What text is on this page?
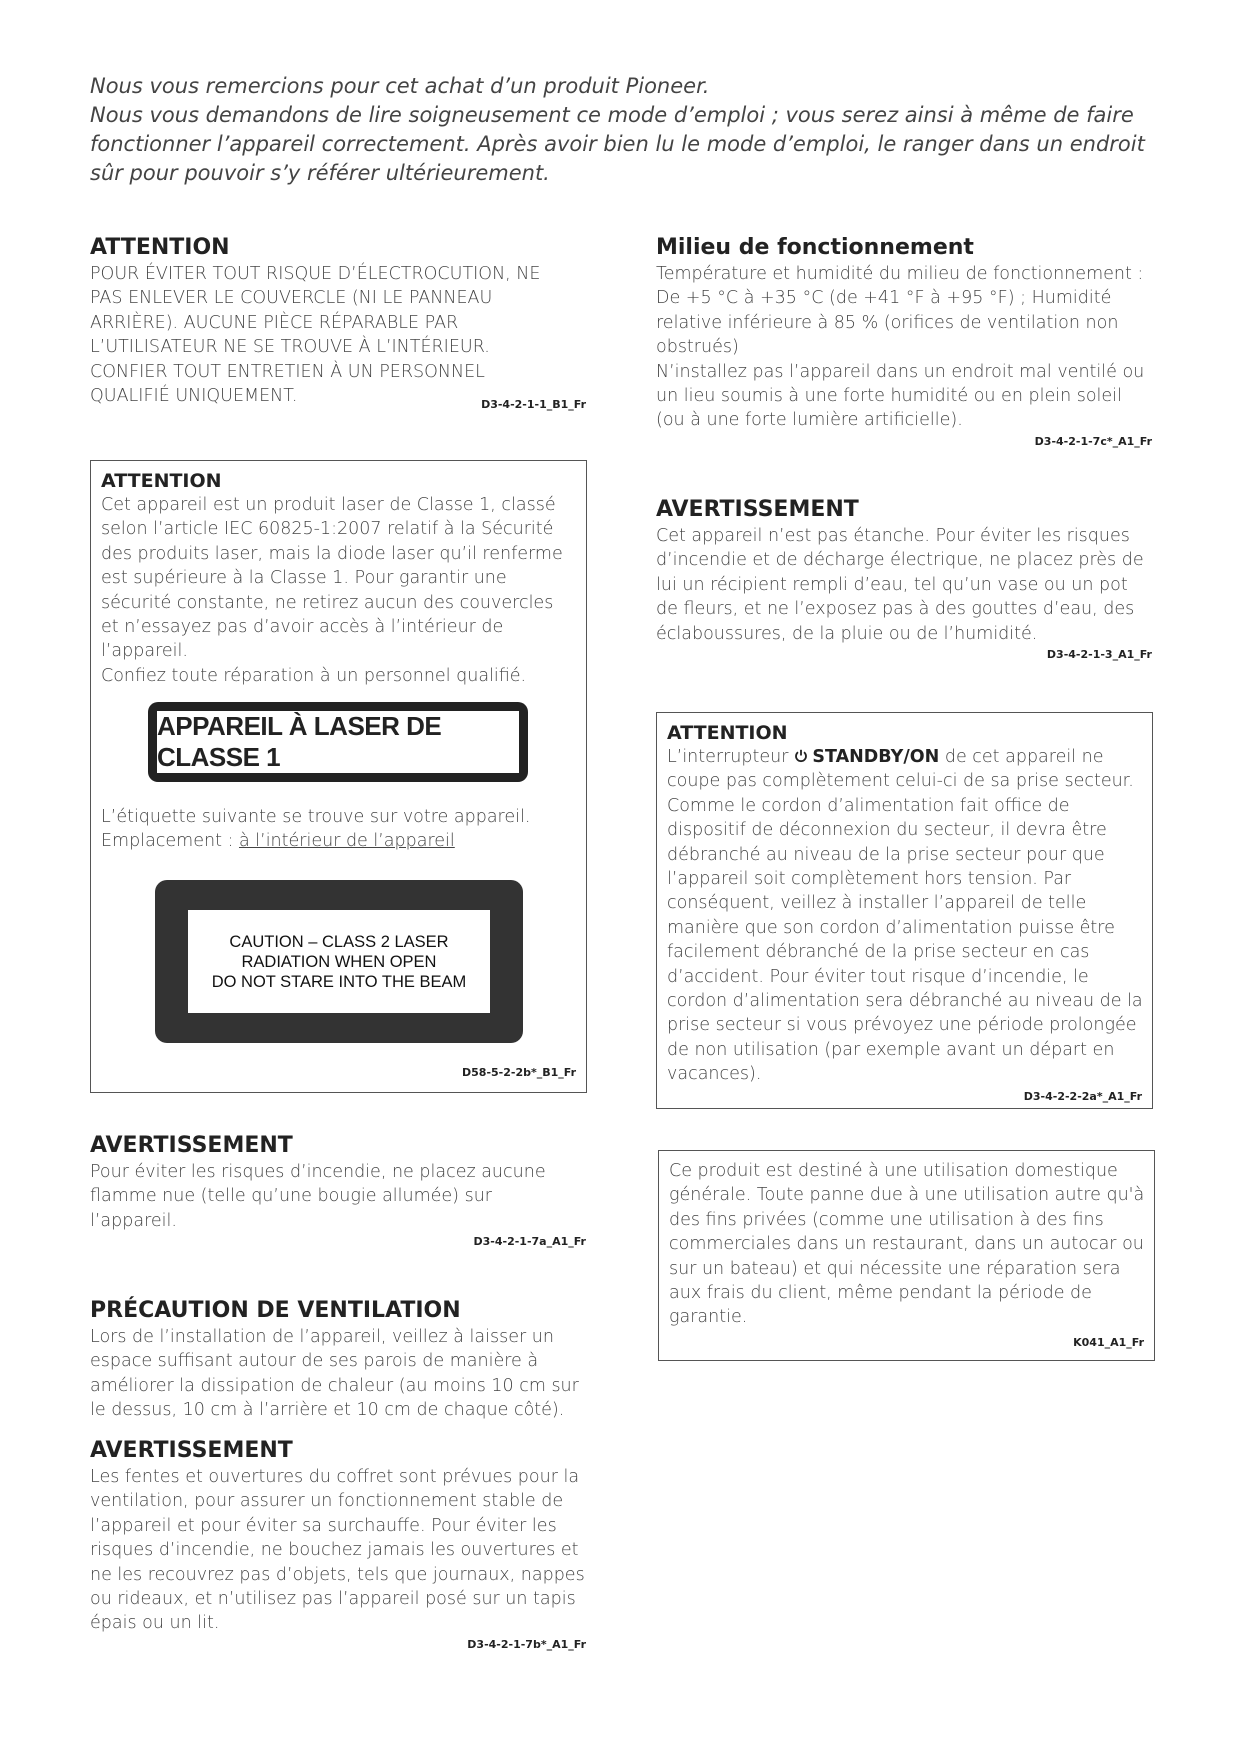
Nous vous remercions pour cet achat d’un produit Pioneer.

Nous vous demandons de lire soigneusement ce mode d’emploi ; vous serez ainsi à même de faire fonctionner l’appareil correctement. Après avoir bien lu le mode d’emploi, le ranger dans un endroit sûr pour pouvoir s’y référer ultérieurement.

ATTENTION
POUR ÉVITER TOUT RISQUE D’ÉLECTROCUTION, NE PAS ENLEVER LE COUVERCLE (NI LE PANNEAU ARRIÈRE). AUCUNE PIÈCE RÉPARABLE PAR L’UTILISATEUR NE SE TROUVE À L’INTÉRIEUR. CONFIER TOUT ENTRETIEN À UN PERSONNEL QUALIFIÉ UNIQUEMENT.	D3-4-2-1-1_B1_Fr
ATTENTION

Cet appareil est un produit laser de Classe 1, classé selon l’article IEC 60825-1:2007 relatif à la Sécurité des produits laser, mais la diode laser qu’il renferme est supérieure à la Classe 1. Pour garantir une sécurité constante, ne retirez aucun des couvercles et n’essayez pas d’avoir accès à l’intérieur de l’appareil.

Confiez toute réparation à un personnel qualifié.

L’étiquette suivante se trouve sur votre appareil.

Emplacement : à l’intérieur de l’appareil

D58-5-2-2b*_B1_Fr
APPAREIL À LASER DE CLASSE 1
CAUTION – CLASS 2 LASER
RADIATION WHEN OPEN
DO NOT STARE INTO THE BEAM
AVERTISSEMENT
Pour éviter les risques d’incendie, ne placez aucune flamme nue (telle qu’une bougie allumée) sur l’appareil.
D3-4-2-1-7a_A1_Fr
PRÉCAUTION DE VENTILATION
Lors de l’installation de l’appareil, veillez à laisser un espace suffisant autour de ses parois de manière à améliorer la dissipation de chaleur (au moins 10 cm sur le dessus, 10 cm à l’arrière et 10 cm de chaque côté).
AVERTISSEMENT
Les fentes et ouvertures du coffret sont prévues pour la ventilation, pour assurer un fonctionnement stable de l’appareil et pour éviter sa surchauffe. Pour éviter les risques d’incendie, ne bouchez jamais les ouvertures et ne les recouvrez pas d’objets, tels que journaux, nappes ou rideaux, et n’utilisez pas l’appareil posé sur un tapis épais ou un lit.
D3-4-2-1-7b*_A1_Fr
Milieu de fonctionnement

Température et humidité du milieu de fonctionnement : De +5 °C à +35 °C (de +41 °F à +95 °F) ; Humidité relative inférieure à 85 % (orifices de ventilation non obstrués)

N’installez pas l’appareil dans un endroit mal ventilé ou un lieu soumis à une forte humidité ou en plein soleil (ou à une forte lumière artificielle).

D3-4-2-1-7c*_A1_Fr
AVERTISSEMENT
Cet appareil n’est pas étanche. Pour éviter les risques d’incendie et de décharge électrique, ne placez près de lui un récipient rempli d’eau, tel qu’un vase ou un pot de fleurs, et ne l’exposez pas à des gouttes d’eau, des éclaboussures, de la pluie ou de l’humidité.
D3-4-2-1-3_A1_Fr
ATTENTION
L’interrupteur STANDBY/ON de cet appareil ne coupe pas complètement celui-ci de sa prise secteur. Comme le cordon d’alimentation fait office de dispositif de déconnexion du secteur, il devra être débranché au niveau de la prise secteur pour que l’appareil soit complètement hors tension. Par conséquent, veillez à installer l’appareil de telle manière que son cordon d’alimentation puisse être facilement débranché de la prise secteur en cas d’accident. Pour éviter tout risque d’incendie, le cordon d’alimentation sera débranché au niveau de la prise secteur si vous prévoyez une période prolongée de non utilisation (par exemple avant un départ en vacances).
D3-4-2-2-2a*_A1_Fr
Ce produit est destiné à une utilisation domestique générale. Toute panne due à une utilisation autre qu'à des fins privées (comme une utilisation à des fins commerciales dans un restaurant, dans un autocar ou sur un bateau) et qui nécessite une réparation sera aux frais du client, même pendant la période de garantie.
K041_A1_Fr
